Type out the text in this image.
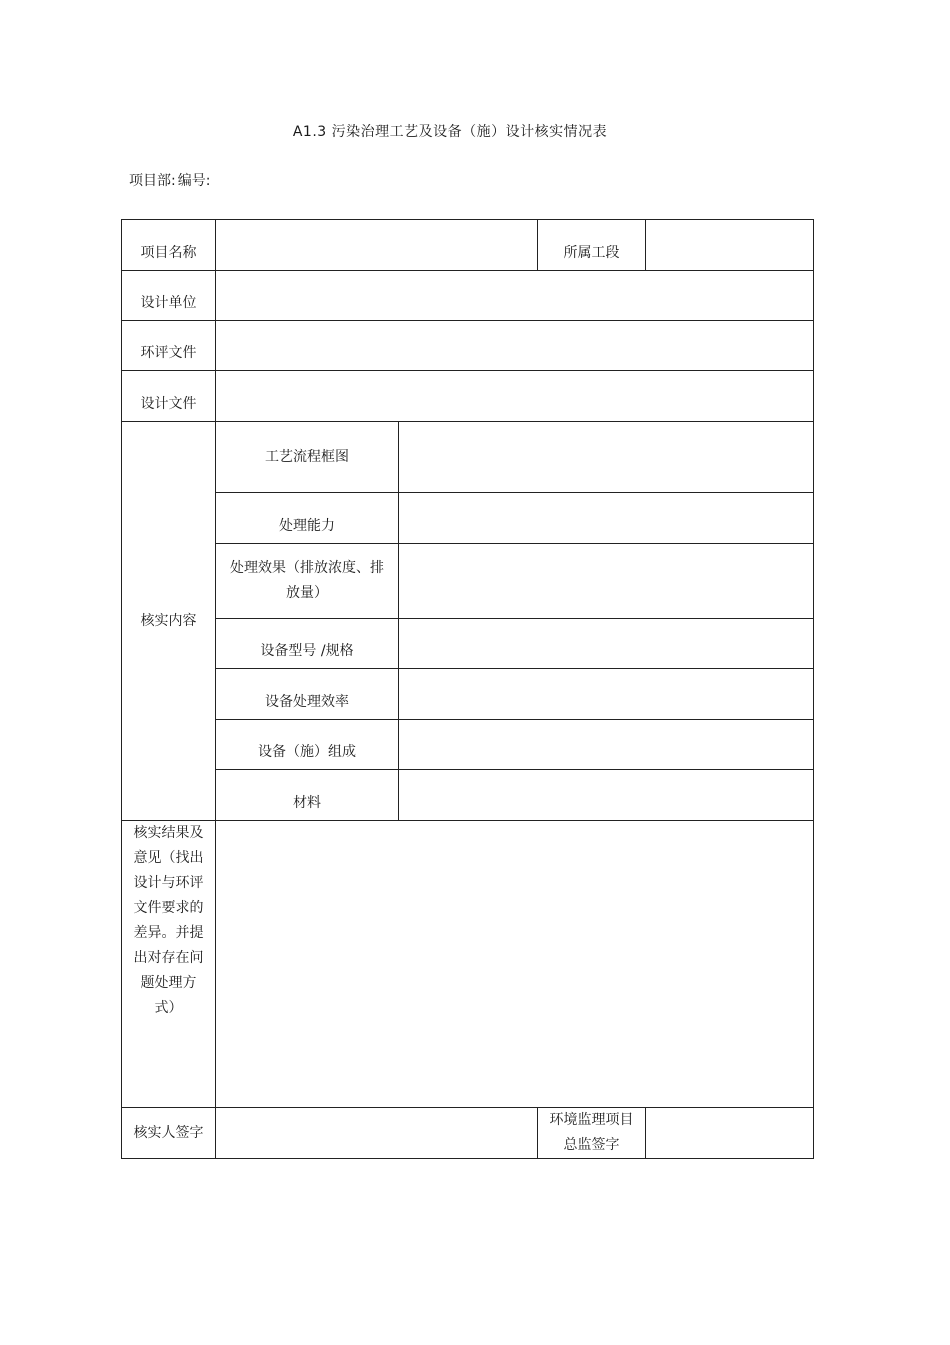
A1.3 污染治理工艺及设备（施）设计核实情况表
项目部: 编号:
项目名称			所属工段	
设计单位				
环评文件				
设计文件				
核实内容	工艺流程框图			
	处理能力			
	处理效果（排放浓度、排放量）			
	设备型号 /规格			
	设备处理效率			
	设备（施）组成			
	材料			
核实结果及意见（找出设计与环评文件要求的差异。并提出对存在问题处理方式）				
核实人签字			环境监理项目总监签字	
